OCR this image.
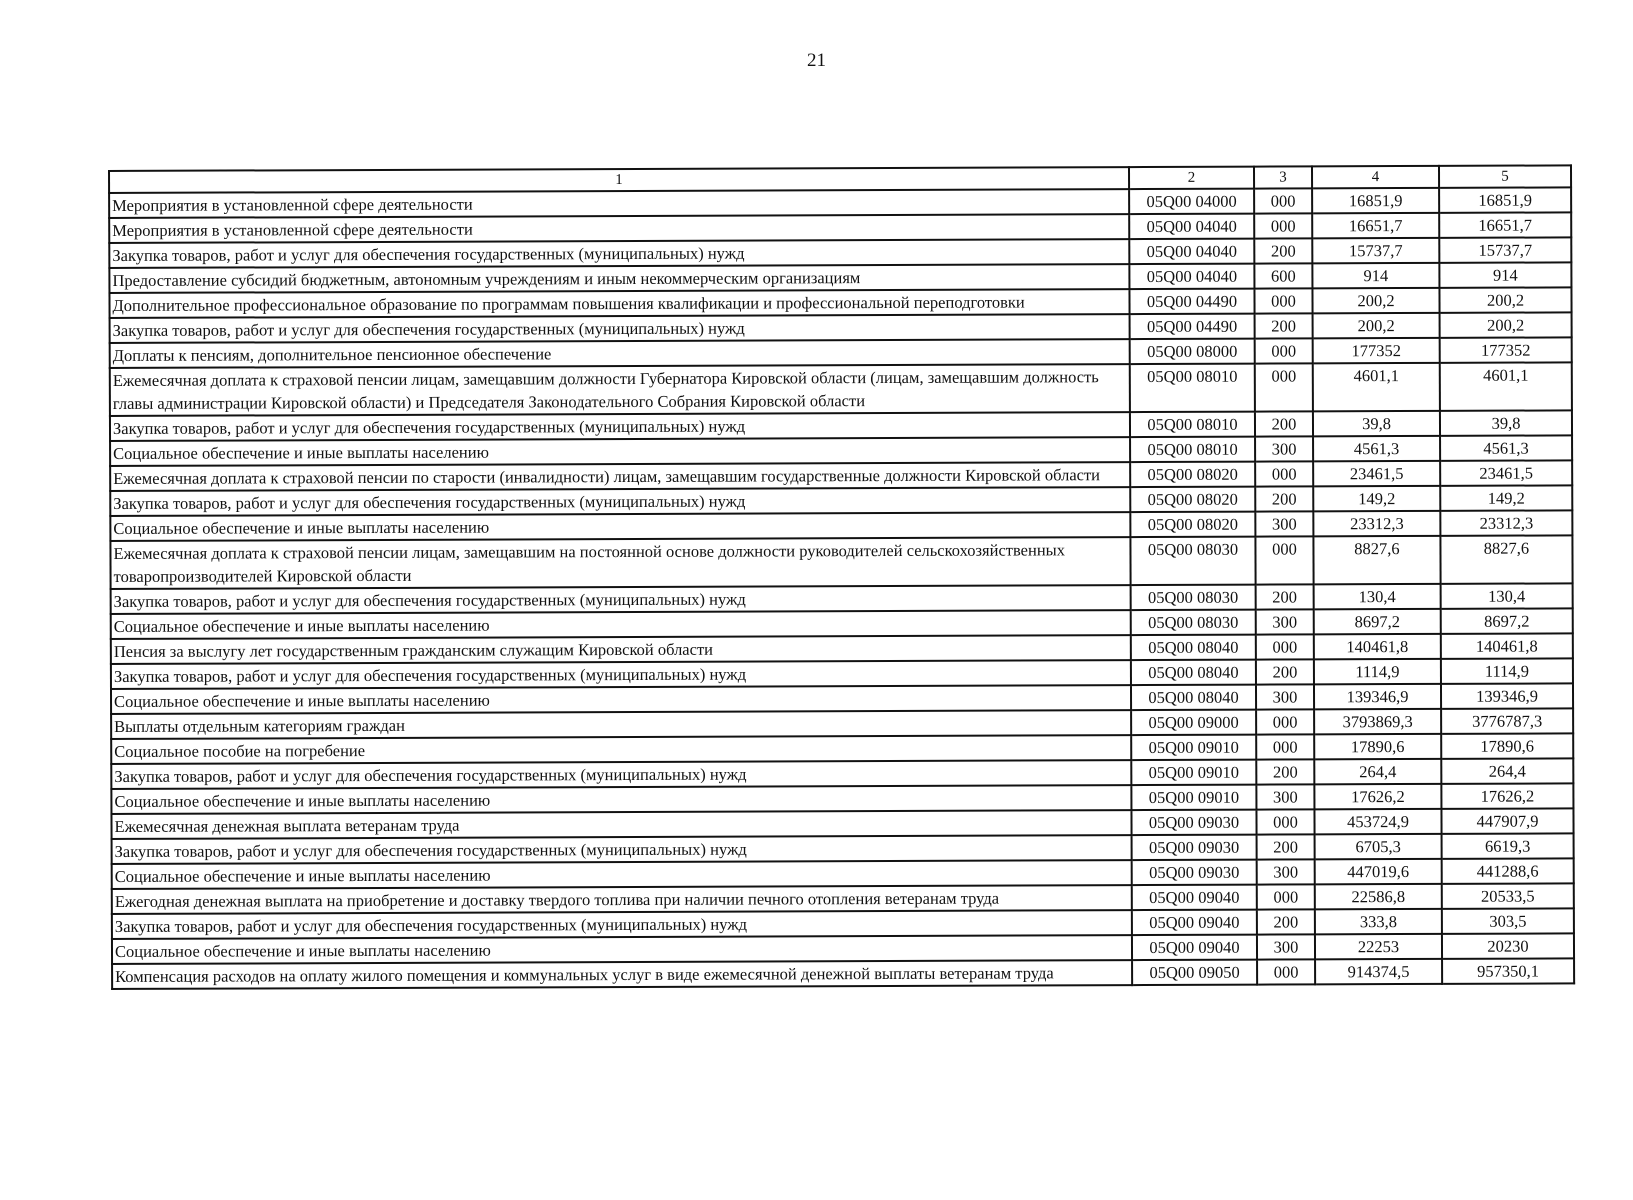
21
1	2	3	4	5
Мероприятия в установленной сфере деятельности	05Q00 04000	000	16851,9	16851,9
Мероприятия в установленной сфере деятельности	05Q00 04040	000	16651,7	16651,7
Закупка товаров, работ и услуг для обеспечения государственных (муниципальных) нужд	05Q00 04040	200	15737,7	15737,7
Предоставление субсидий бюджетным, автономным учреждениям и иным некоммерческим организациям	05Q00 04040	600	914	914
Дополнительное профессиональное образование по программам повышения квалификации и профессиональной переподготовки	05Q00 04490	000	200,2	200,2
Закупка товаров, работ и услуг для обеспечения государственных (муниципальных) нужд	05Q00 04490	200	200,2	200,2
Доплаты к пенсиям, дополнительное пенсионное обеспечение	05Q00 08000	000	177352	177352
Ежемесячная доплата к страховой пенсии лицам, замещавшим должности Губернатора Кировской области (лицам, замещавшим должность главы администрации Кировской области) и Председателя Законодательного Собрания Кировской области	05Q00 08010	000	4601,1	4601,1
Закупка товаров, работ и услуг для обеспечения государственных (муниципальных) нужд	05Q00 08010	200	39,8	39,8
Социальное обеспечение и иные выплаты населению	05Q00 08010	300	4561,3	4561,3
Ежемесячная доплата к страховой пенсии по старости (инвалидности) лицам, замещавшим государственные должности Кировской области	05Q00 08020	000	23461,5	23461,5
Закупка товаров, работ и услуг для обеспечения государственных (муниципальных) нужд	05Q00 08020	200	149,2	149,2
Социальное обеспечение и иные выплаты населению	05Q00 08020	300	23312,3	23312,3
Ежемесячная доплата к страховой пенсии лицам, замещавшим на постоянной основе должности руководителей сельскохозяйственных товаропроизводителей Кировской области	05Q00 08030	000	8827,6	8827,6
Закупка товаров, работ и услуг для обеспечения государственных (муниципальных) нужд	05Q00 08030	200	130,4	130,4
Социальное обеспечение и иные выплаты населению	05Q00 08030	300	8697,2	8697,2
Пенсия за выслугу лет государственным гражданским служащим Кировской области	05Q00 08040	000	140461,8	140461,8
Закупка товаров, работ и услуг для обеспечения государственных (муниципальных) нужд	05Q00 08040	200	1114,9	1114,9
Социальное обеспечение и иные выплаты населению	05Q00 08040	300	139346,9	139346,9
Выплаты отдельным категориям граждан	05Q00 09000	000	3793869,3	3776787,3
Социальное пособие на погребение	05Q00 09010	000	17890,6	17890,6
Закупка товаров, работ и услуг для обеспечения государственных (муниципальных) нужд	05Q00 09010	200	264,4	264,4
Социальное обеспечение и иные выплаты населению	05Q00 09010	300	17626,2	17626,2
Ежемесячная денежная выплата ветеранам труда	05Q00 09030	000	453724,9	447907,9
Закупка товаров, работ и услуг для обеспечения государственных (муниципальных) нужд	05Q00 09030	200	6705,3	6619,3
Социальное обеспечение и иные выплаты населению	05Q00 09030	300	447019,6	441288,6
Ежегодная денежная выплата на приобретение и доставку твердого топлива при наличии печного отопления ветеранам труда	05Q00 09040	000	22586,8	20533,5
Закупка товаров, работ и услуг для обеспечения государственных (муниципальных) нужд	05Q00 09040	200	333,8	303,5
Социальное обеспечение и иные выплаты населению	05Q00 09040	300	22253	20230
Компенсация расходов на оплату жилого помещения и коммунальных услуг в виде ежемесячной денежной выплаты ветеранам труда	05Q00 09050	000	914374,5	957350,1
